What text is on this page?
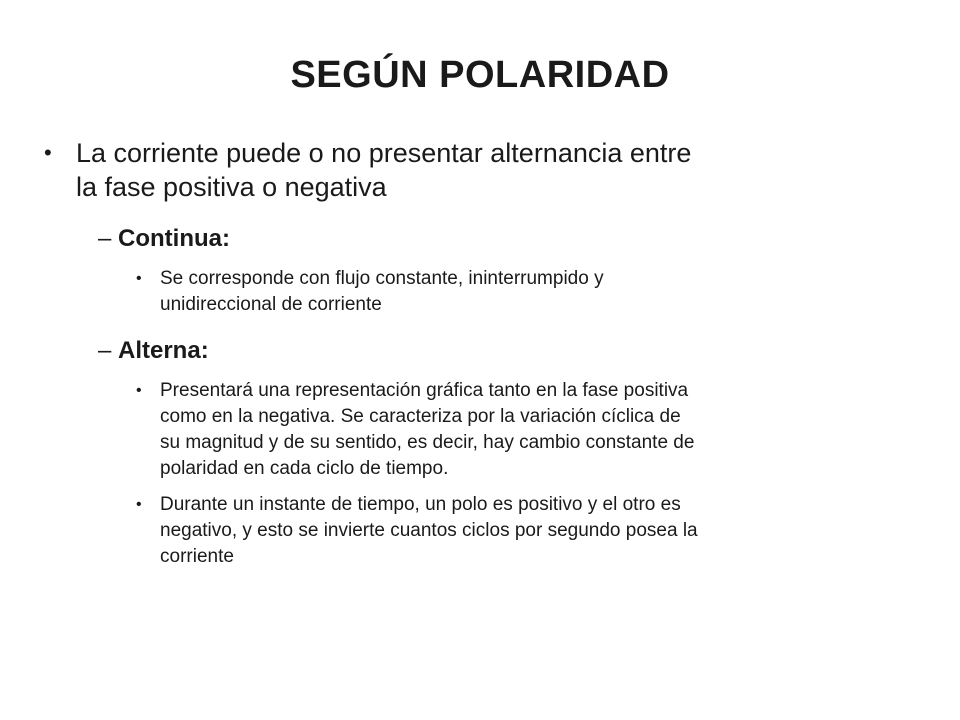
SEGÚN POLARIDAD

• La corriente puede o no presentar alternancia entre la fase positiva o negativa

– Continua:

• Se corresponde con flujo constante, ininterrumpido y unidireccional de corriente

– Alterna:

• Presentará una representación gráfica tanto en la fase positiva como en la negativa. Se caracteriza por la variación cíclica de su magnitud y de su sentido, es decir, hay cambio constante de polaridad en cada ciclo de tiempo.

• Durante un instante de tiempo, un polo es positivo y el otro es negativo, y esto se invierte cuantos ciclos por segundo posea la corriente
